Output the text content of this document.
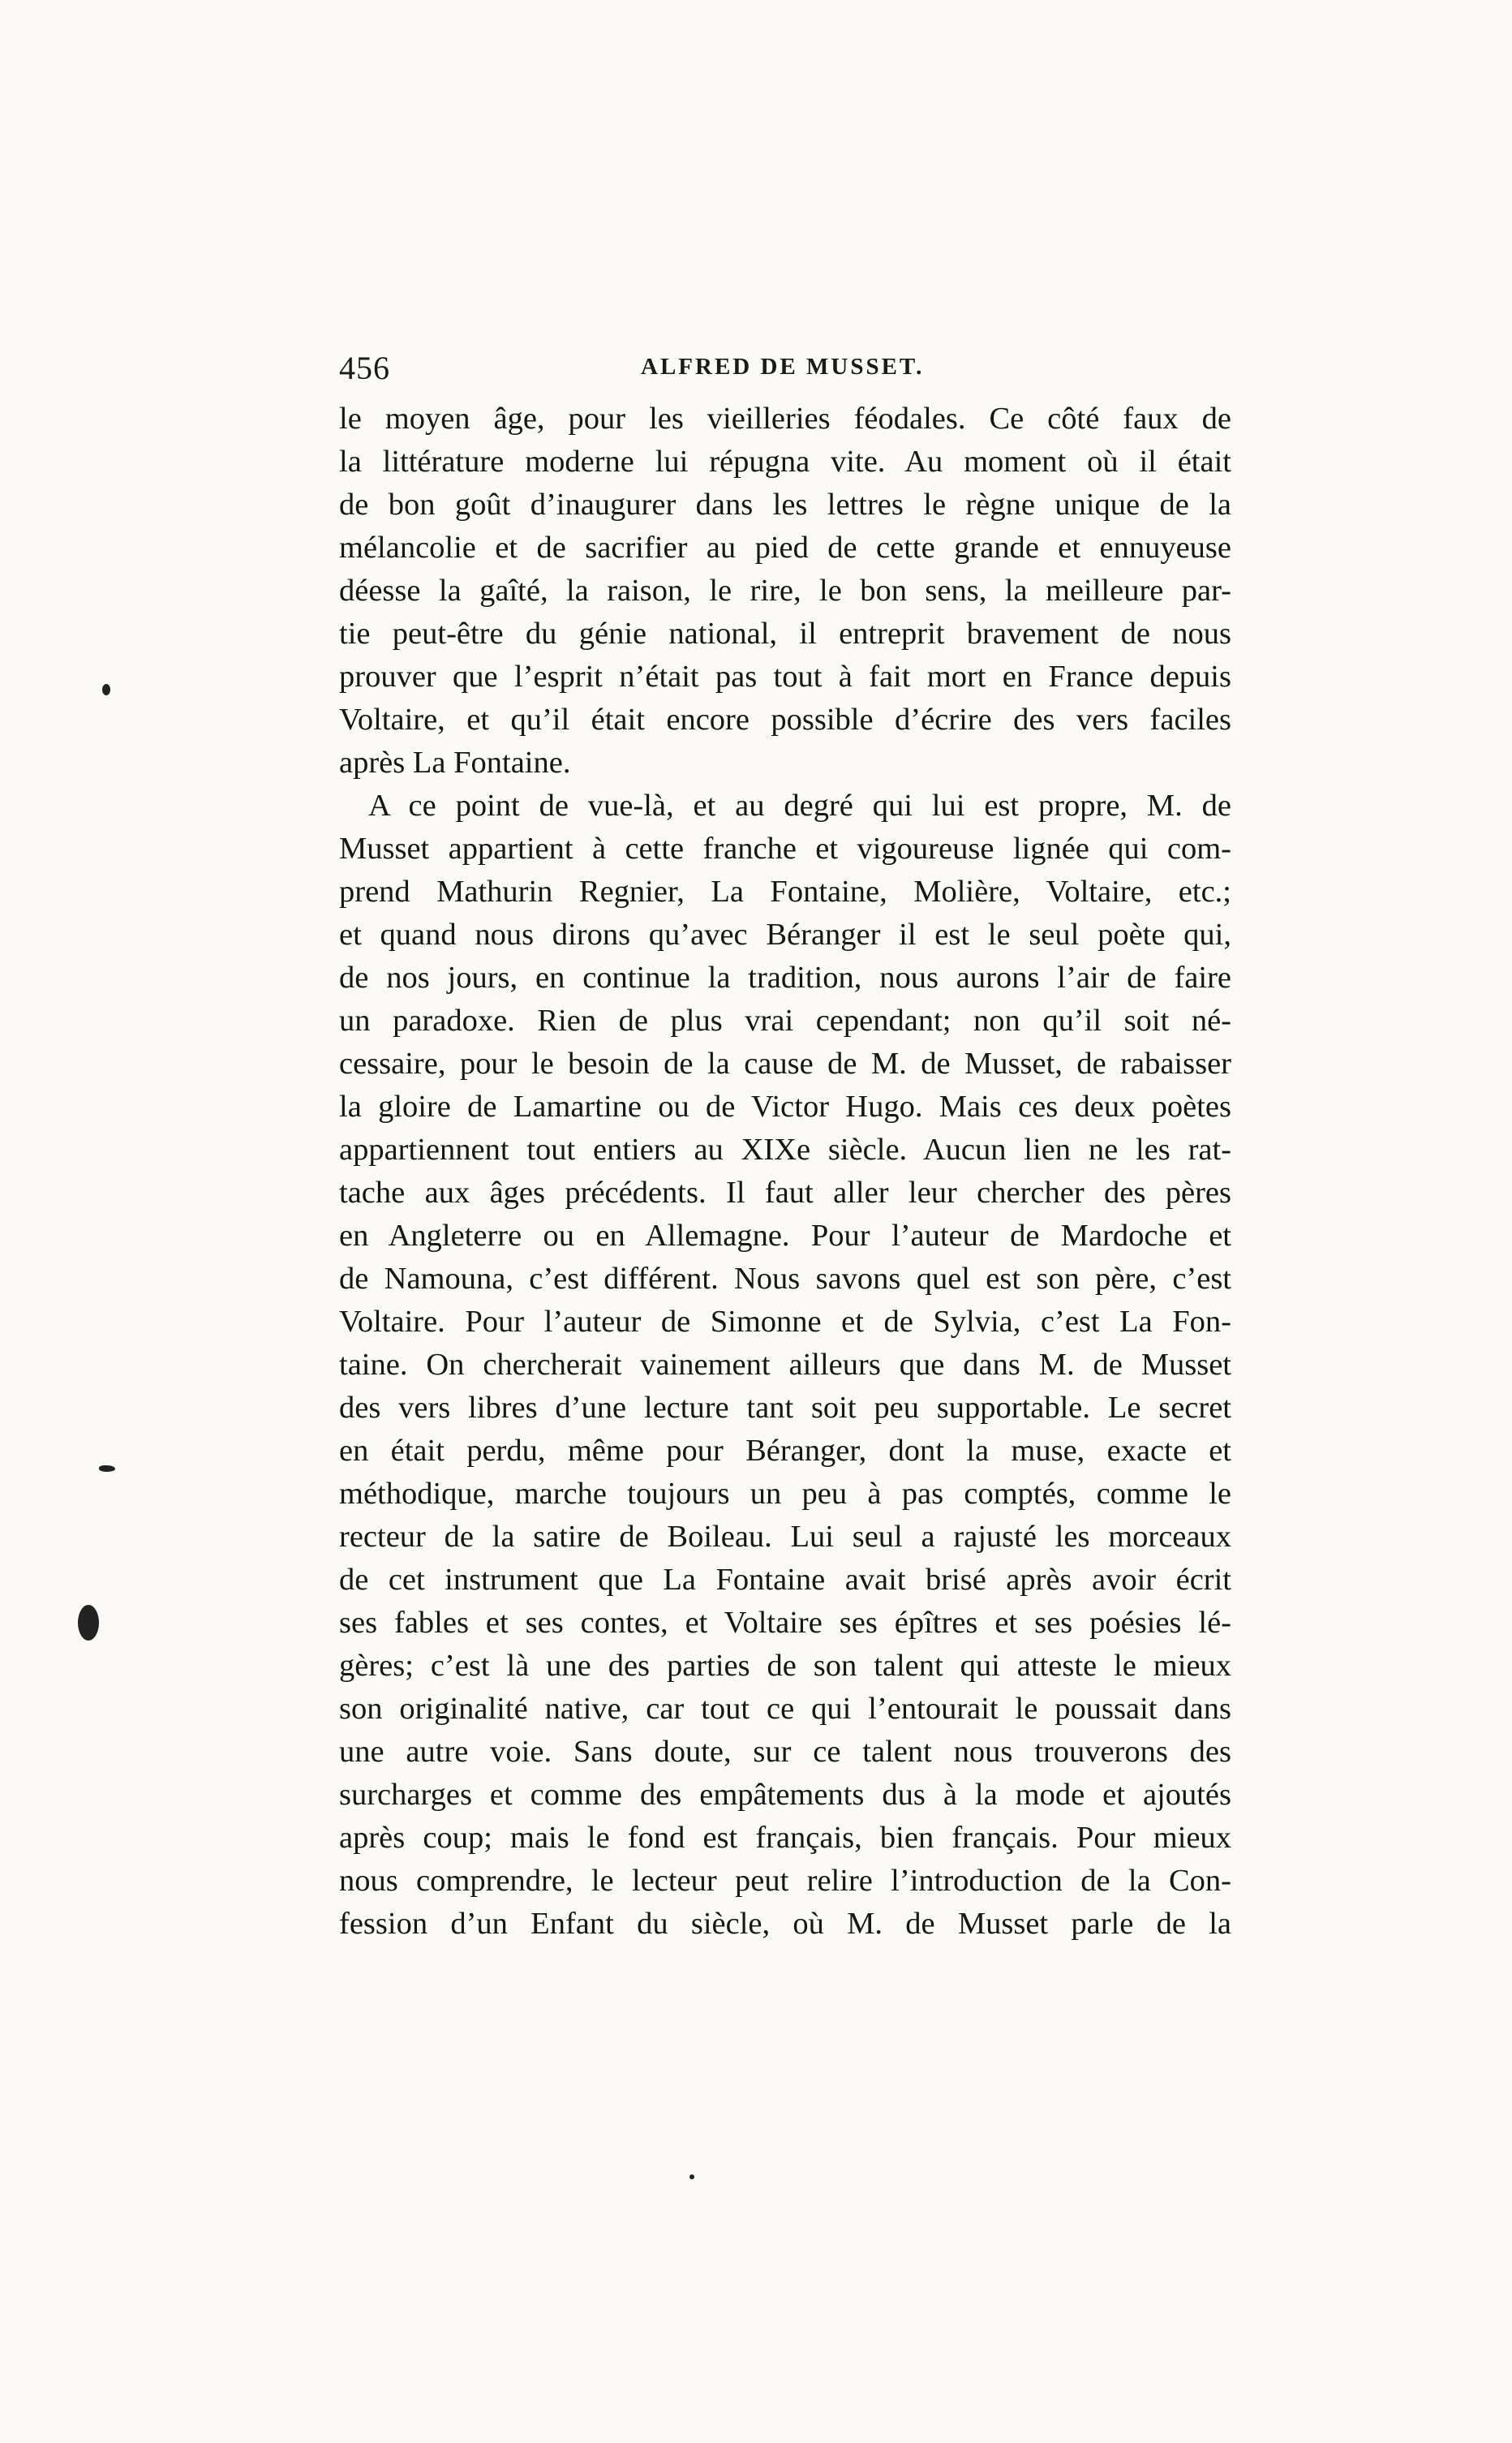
456	ALFRED DE MUSSET.
le moyen âge, pour les vieilleries féodales. Ce côté faux de
la littérature moderne lui répugna vite. Au moment où il était
de bon goût d’inaugurer dans les lettres le règne unique de la
mélancolie et de sacrifier au pied de cette grande et ennuyeuse
déesse la gaîté, la raison, le rire, le bon sens, la meilleure par-
tie peut-être du génie national, il entreprit bravement de nous
prouver que l’esprit n’était pas tout à fait mort en France depuis
Voltaire, et qu’il était encore possible d’écrire des vers faciles
après La Fontaine.
A ce point de vue-là, et au degré qui lui est propre, M. de
Musset appartient à cette franche et vigoureuse lignée qui com-
prend Mathurin Regnier, La Fontaine, Molière, Voltaire, etc.;
et quand nous dirons qu’avec Béranger il est le seul poète qui,
de nos jours, en continue la tradition, nous aurons l’air de faire
un paradoxe. Rien de plus vrai cependant; non qu’il soit né-
cessaire, pour le besoin de la cause de M. de Musset, de rabaisser
la gloire de Lamartine ou de Victor Hugo. Mais ces deux poètes
appartiennent tout entiers au XIXe siècle. Aucun lien ne les rat-
tache aux âges précédents. Il faut aller leur chercher des pères
en Angleterre ou en Allemagne. Pour l’auteur de Mardoche et
de Namouna, c’est différent. Nous savons quel est son père, c’est
Voltaire. Pour l’auteur de Simonne et de Sylvia, c’est La Fon-
taine. On chercherait vainement ailleurs que dans M. de Musset
des vers libres d’une lecture tant soit peu supportable. Le secret
en était perdu, même pour Béranger, dont la muse, exacte et
méthodique, marche toujours un peu à pas comptés, comme le
recteur de la satire de Boileau. Lui seul a rajusté les morceaux
de cet instrument que La Fontaine avait brisé après avoir écrit
ses fables et ses contes, et Voltaire ses épîtres et ses poésies lé-
gères; c’est là une des parties de son talent qui atteste le mieux
son originalité native, car tout ce qui l’entourait le poussait dans
une autre voie. Sans doute, sur ce talent nous trouverons des
surcharges et comme des empâtements dus à la mode et ajoutés
après coup; mais le fond est français, bien français. Pour mieux
nous comprendre, le lecteur peut relire l’introduction de la Con-
fession d’un Enfant du siècle, où M. de Musset parle de la
